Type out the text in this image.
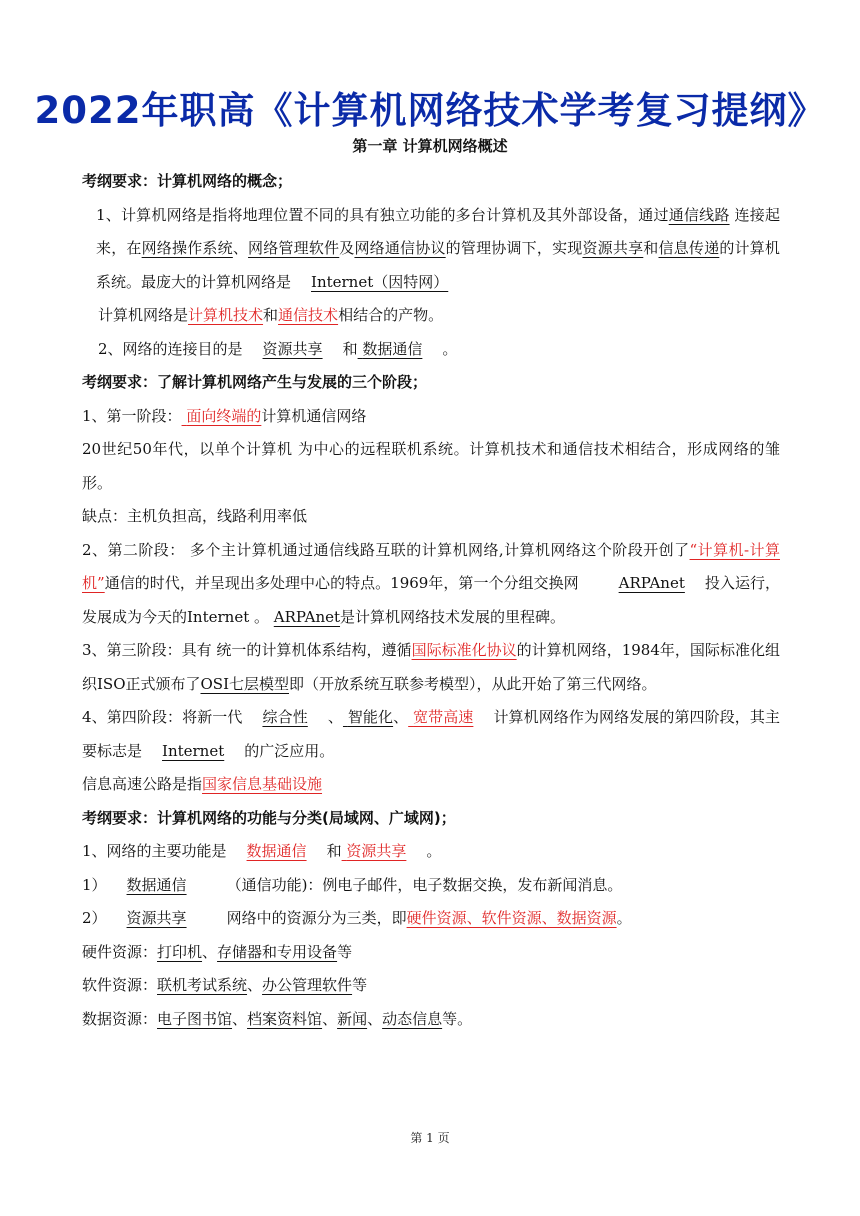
2022年职高《计算机网络技术学考复习提纲》
第一章 计算机网络概述

考纲要求：计算机网络的概念；

1、计算机网络是指将地理位置不同的具有独立功能的多台计算机及其外部设备，通过通信线路 连接起来，在网络操作系统、网络管理软件及网络通信协议的管理协调下，实现资源共享和信息传递的计算机系统。最庞大的计算机网络是 Internet（因特网）

计算机网络是计算机技术和通信技术相结合的产物。

2、网络的连接目的是 资源共享 和 数据通信 。

考纲要求：了解计算机网络产生与发展的三个阶段；

1、第一阶段： 面向终端的计算机通信网络

20世纪50年代，以单个计算机 为中心的远程联机系统。计算机技术和通信技术相结合，形成网络的雏形。

缺点：主机负担高，线路利用率低

2、第二阶段： 多个主计算机通过通信线路互联的计算机网络,计算机网络这个阶段开创了“计算机-计算机”通信的时代，并呈现出多处理中心的特点。1969年，第一个分组交换网	ARPAnet 投入运行，发展成为今天的Internet 。 ARPAnet是计算机网络技术发展的里程碑。

3、第三阶段：具有 统一的计算机体系结构，遵循国际标准化协议的计算机网络，1984年，国际标准化组织ISO正式颁布了OSI七层模型即（开放系统互联参考模型），从此开始了第三代网络。

4、第四阶段：将新一代 综合性 、 智能化、 宽带高速 计算机网络作为网络发展的第四阶段，其主要标志是 Internet 的广泛应用。

信息高速公路是指国家信息基础设施

考纲要求：计算机网络的功能与分类(局域网、广域网)；

1、网络的主要功能是 数据通信 和 资源共享 。

1） 数据通信	（通信功能)：例电子邮件，电子数据交换，发布新闻消息。

2） 资源共享	网络中的资源分为三类，即硬件资源、软件资源、数据资源。

硬件资源：打印机、存储器和专用设备等

软件资源：联机考试系统、办公管理软件等

数据资源：电子图书馆、档案资料馆、新闻、动态信息等。

第 1 页
